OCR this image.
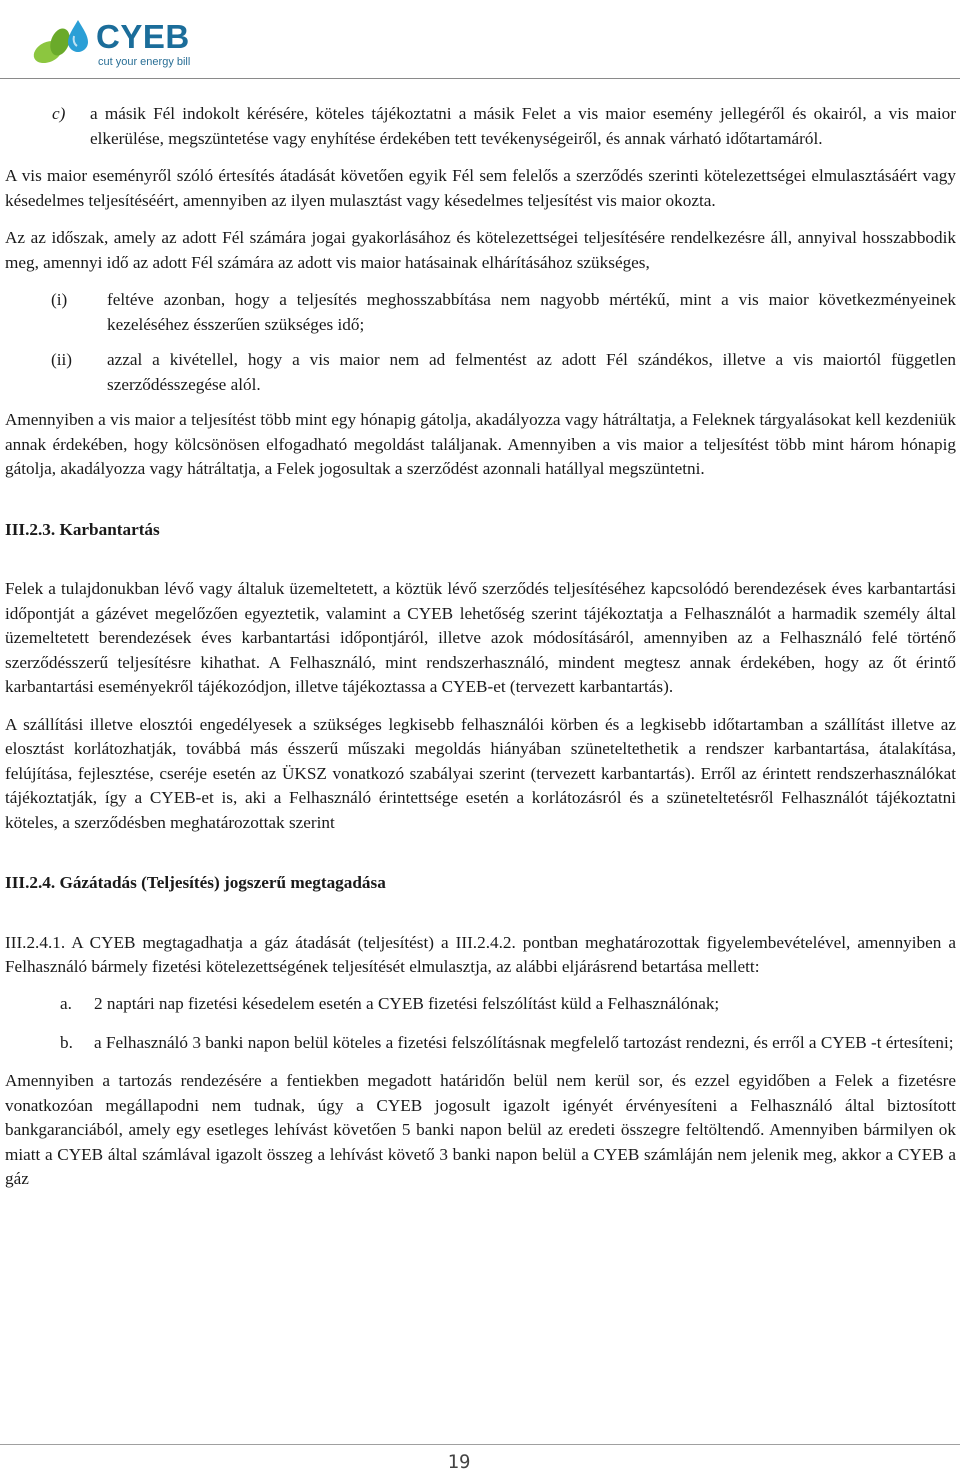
CYEB
cut your energy bill
c) a másik Fél indokolt kérésére, köteles tájékoztatni a másik Felet a vis maior esemény jellegéről és okairól, a vis maior elkerülése, megszüntetése vagy enyhítése érdekében tett tevékenységeiről, és annak várható időtartamáról.

A vis maior eseményről szóló értesítés átadását követően egyik Fél sem felelős a szerződés szerinti kötelezettségei elmulasztásáért vagy késedelmes teljesítéséért, amennyiben az ilyen mulasztást vagy késedelmes teljesítést vis maior okozta.

Az az időszak, amely az adott Fél számára jogai gyakorlásához és kötelezettségei teljesítésére rendelkezésre áll, annyival hosszabbodik meg, amennyi idő az adott Fél számára az adott vis maior hatásainak elhárításához szükséges,

(i) feltéve azonban, hogy a teljesítés meghosszabbítása nem nagyobb mértékű, mint a vis maior következményeinek kezeléséhez ésszerűen szükséges idő;

(ii) azzal a kivétellel, hogy a vis maior nem ad felmentést az adott Fél szándékos, illetve a vis maiortól független szerződésszegése alól.

Amennyiben a vis maior a teljesítést több mint egy hónapig gátolja, akadályozza vagy hátráltatja, a Feleknek tárgyalásokat kell kezdeniük annak érdekében, hogy kölcsönösen elfogadható megoldást találjanak. Amennyiben a vis maior a teljesítést több mint három hónapig gátolja, akadályozza vagy hátráltatja, a Felek jogosultak a szerződést azonnali hatállyal megszüntetni.

III.2.3. Karbantartás

Felek a tulajdonukban lévő vagy általuk üzemeltetett, a köztük lévő szerződés teljesítéséhez kapcsolódó berendezések éves karbantartási időpontját a gázévet megelőzően egyeztetik, valamint a CYEB lehetőség szerint tájékoztatja a Felhasználót a harmadik személy által üzemeltetett berendezések éves karbantartási időpontjáról, illetve azok módosításáról, amennyiben az a Felhasználó felé történő szerződésszerű teljesítésre kihathat. A Felhasználó, mint rendszerhasználó, mindent megtesz annak érdekében, hogy az őt érintő karbantartási eseményekről tájékozódjon, illetve tájékoztassa a CYEB-et (tervezett karbantartás).

A szállítási illetve elosztói engedélyesek a szükséges legkisebb felhasználói körben és a legkisebb időtartamban a szállítást illetve az elosztást korlátozhatják, továbbá más ésszerű műszaki megoldás hiányában szüneteltethetik a rendszer karbantartása, átalakítása, felújítása, fejlesztése, cseréje esetén az ÜKSZ vonatkozó szabályai szerint (tervezett karbantartás). Erről az érintett rendszerhasználókat tájékoztatják, így a CYEB-et is, aki a Felhasználó érintettsége esetén a korlátozásról és a szüneteltetésről Felhasználót tájékoztatni köteles, a szerződésben meghatározottak szerint

III.2.4. Gázátadás (Teljesítés) jogszerű megtagadása

III.2.4.1. A CYEB megtagadhatja a gáz átadását (teljesítést) a III.2.4.2. pontban meghatározottak figyelembevételével, amennyiben a Felhasználó bármely fizetési kötelezettségének teljesítését elmulasztja, az alábbi eljárásrend betartása mellett:

a. 2 naptári nap fizetési késedelem esetén a CYEB fizetési felszólítást küld a Felhasználónak;

b. a Felhasználó 3 banki napon belül köteles a fizetési felszólításnak megfelelő tartozást rendezni, és erről a CYEB -t értesíteni;

Amennyiben a tartozás rendezésére a fentiekben megadott határidőn belül nem kerül sor, és ezzel egyidőben a Felek a fizetésre vonatkozóan megállapodni nem tudnak, úgy a CYEB jogosult igazolt igényét érvényesíteni a Felhasználó által biztosított bankgaranciából, amely egy esetleges lehívást követően 5 banki napon belül az eredeti összegre feltöltendő. Amennyiben bármilyen ok miatt a CYEB által számlával igazolt összeg a lehívást követő 3 banki napon belül a CYEB számláján nem jelenik meg, akkor a CYEB a gáz

19
